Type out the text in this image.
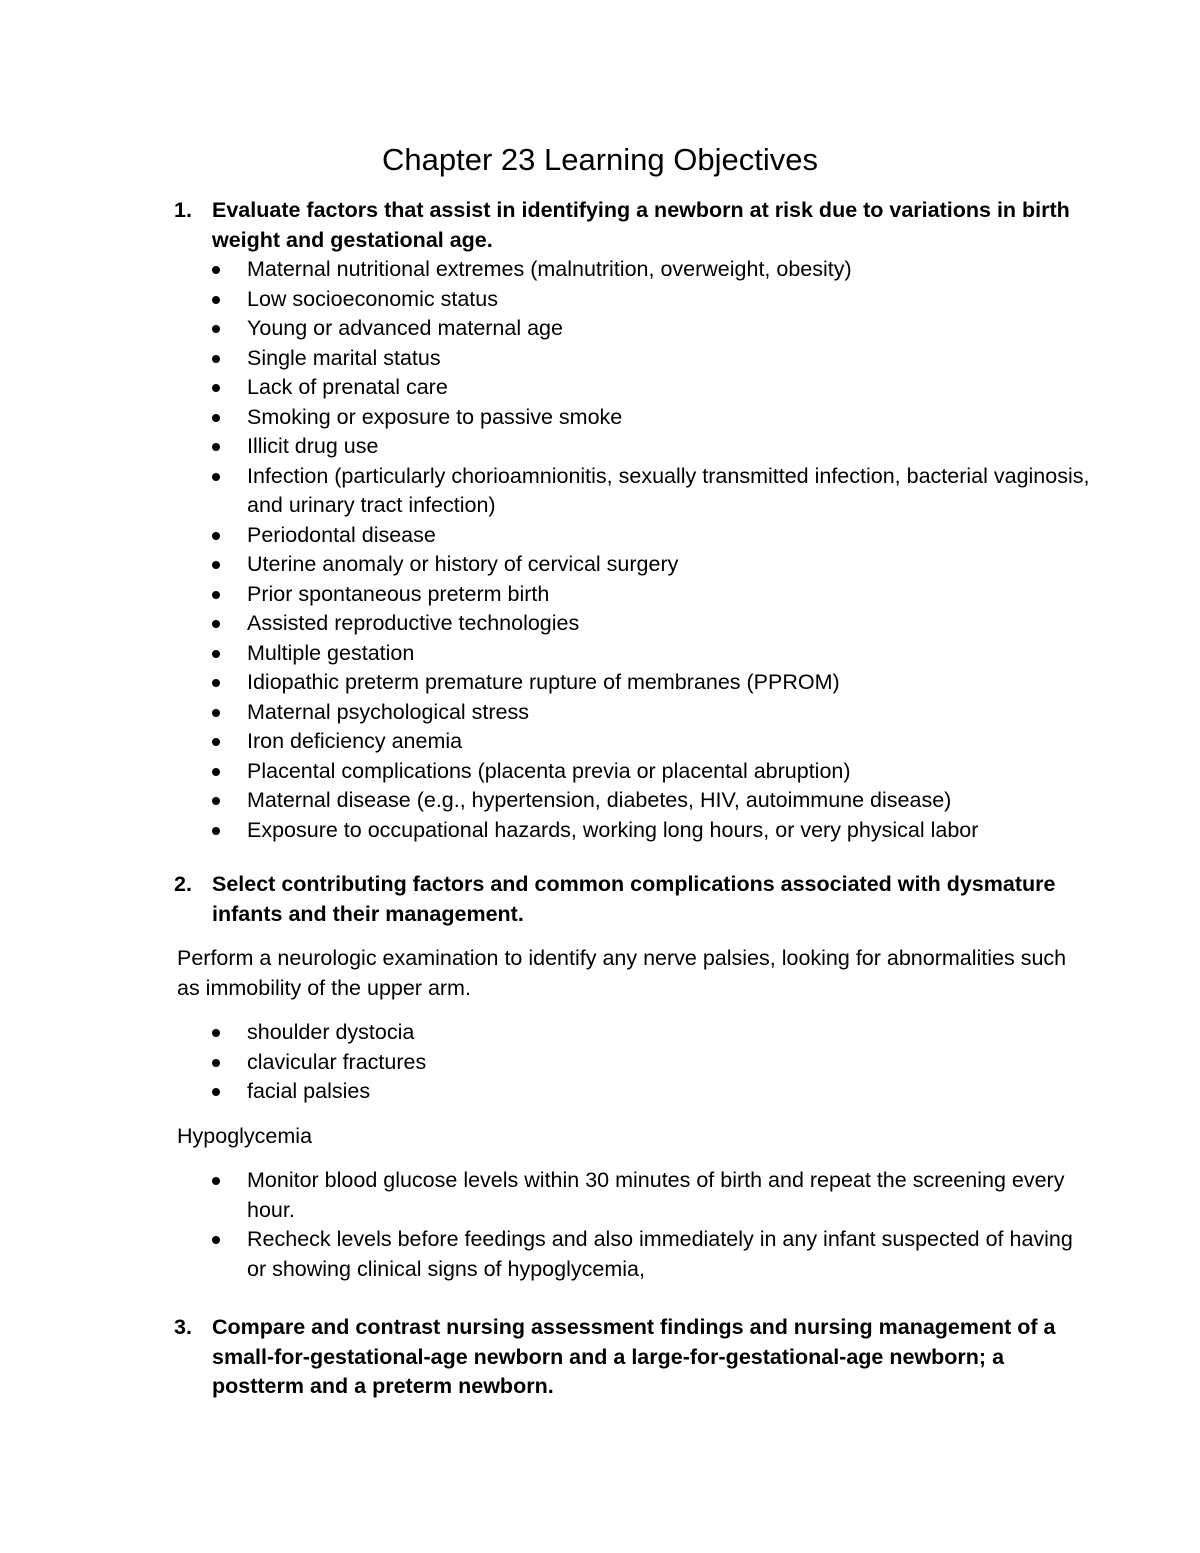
Chapter 23 Learning Objectives
1. Evaluate factors that assist in identifying a newborn at risk due to variations in birth weight and gestational age.
Maternal nutritional extremes (malnutrition, overweight, obesity)
Low socioeconomic status
Young or advanced maternal age
Single marital status
Lack of prenatal care
Smoking or exposure to passive smoke
Illicit drug use
Infection (particularly chorioamnionitis, sexually transmitted infection, bacterial vaginosis, and urinary tract infection)
Periodontal disease
Uterine anomaly or history of cervical surgery
Prior spontaneous preterm birth
Assisted reproductive technologies
Multiple gestation
Idiopathic preterm premature rupture of membranes (PPROM)
Maternal psychological stress
Iron deficiency anemia
Placental complications (placenta previa or placental abruption)
Maternal disease (e.g., hypertension, diabetes, HIV, autoimmune disease)
Exposure to occupational hazards, working long hours, or very physical labor
2. Select contributing factors and common complications associated with dysmature infants and their management.

Perform a neurologic examination to identify any nerve palsies, looking for abnormalities such as immobility of the upper arm.

shoulder dystocia
clavicular fractures
facial palsies

Hypoglycemia

Monitor blood glucose levels within 30 minutes of birth and repeat the screening every hour.
Recheck levels before feedings and also immediately in any infant suspected of having or showing clinical signs of hypoglycemia,
3. Compare and contrast nursing assessment findings and nursing management of a small-for-gestational-age newborn and a large-for-gestational-age newborn; a postterm and a preterm newborn.
